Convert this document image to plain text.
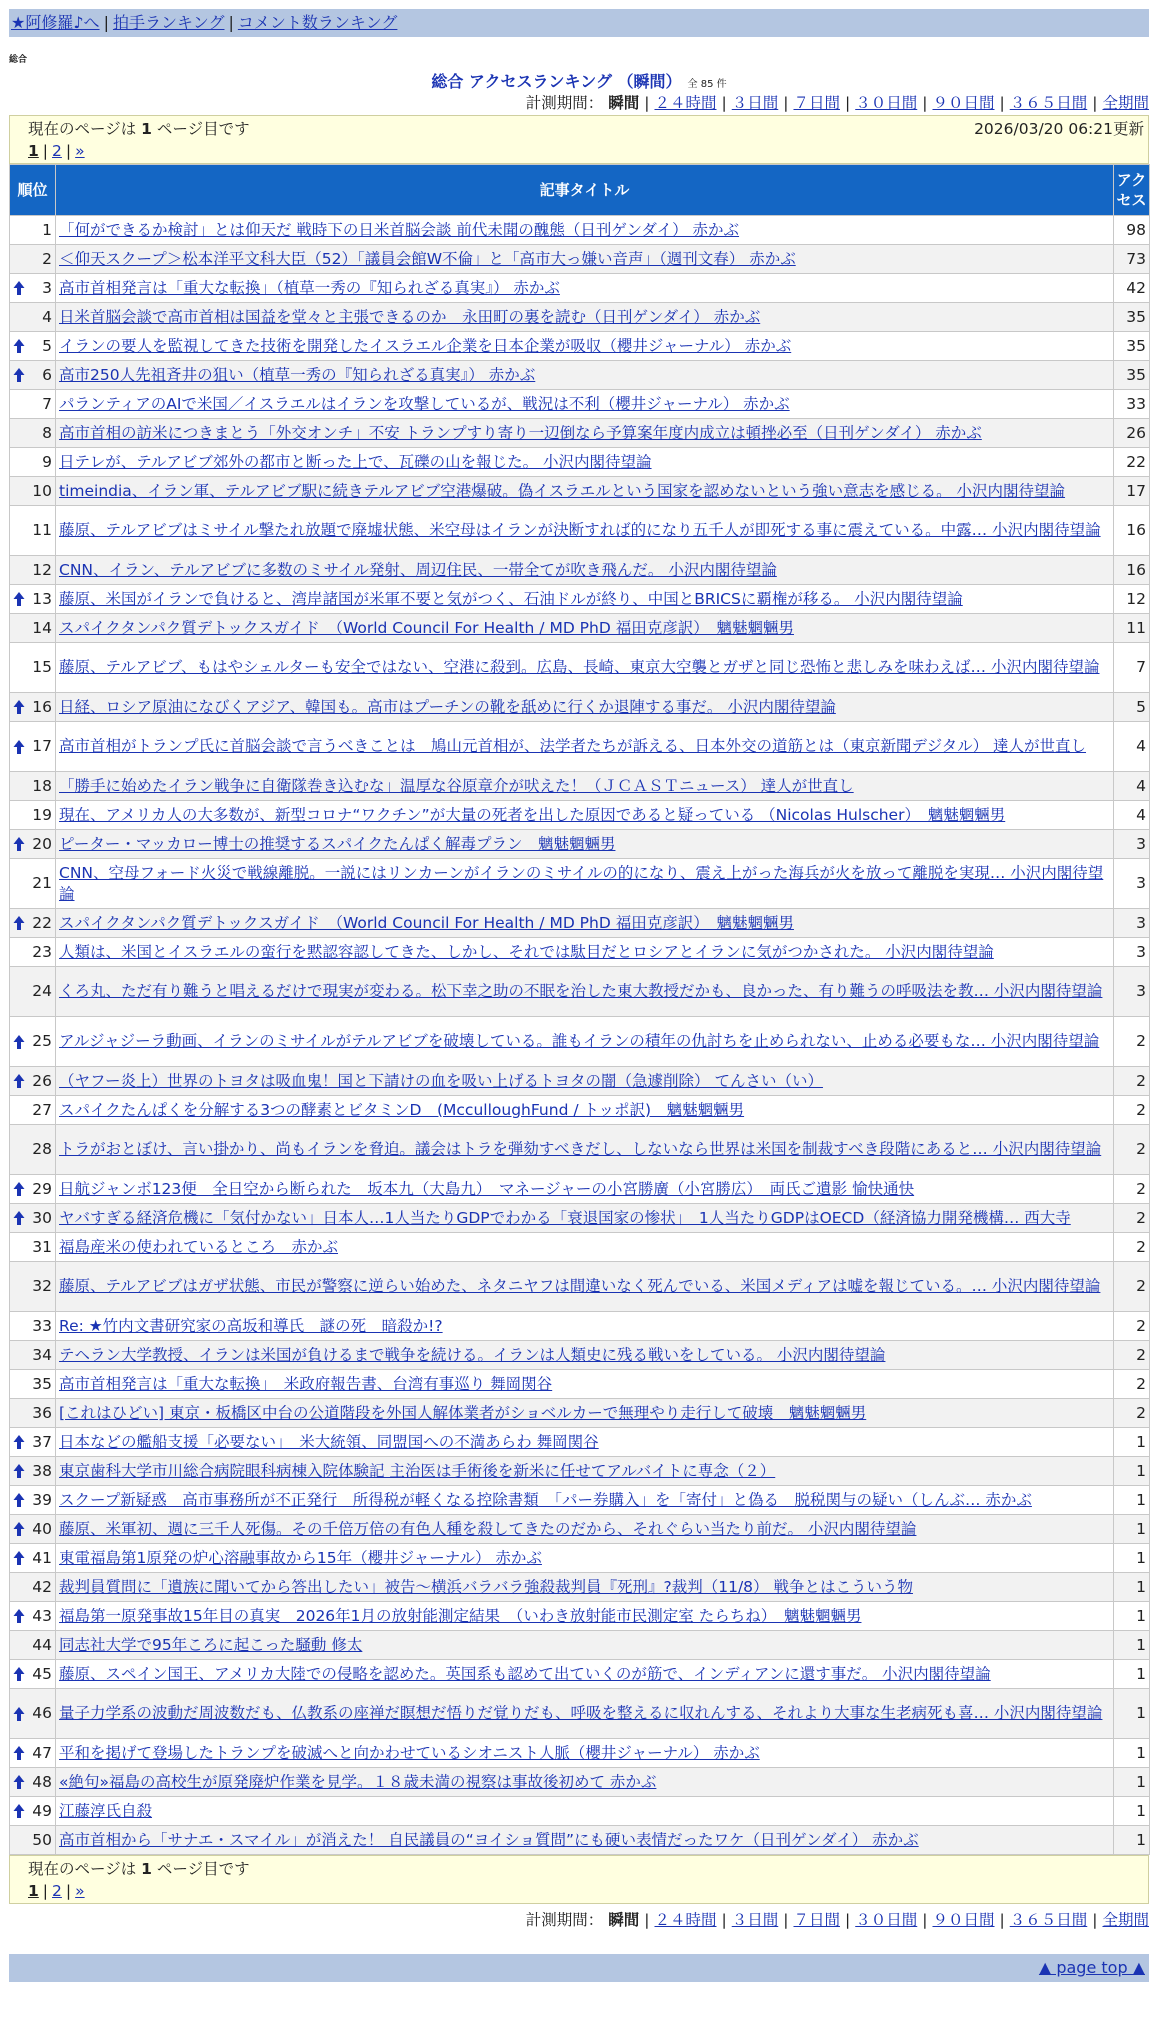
★阿修羅♪へ | 拍手ランキング | コメント数ランキング
総合
総合 アクセスランキング （瞬間） 全 85 件
計測期間： 瞬間 | ２４時間 | ３日間 | ７日間 | ３０日間 | ９０日間 | ３６５日間 | 全期間
現在のページは 1 ページ目です	2026/03/20 06:21更新
1 | 2 | »
順位	記事タイトル	アクセス
1	「何ができるか検討」とは仰天だ 戦時下の日米首脳会談 前代未聞の醜態（日刊ゲンダイ） 赤かぶ	98
2	＜仰天スクープ＞松本洋平文科大臣（52）「議員会館W不倫」と「高市大っ嫌い音声」（週刊文春） 赤かぶ	73

3	高市首相発言は「重大な転換」（植草一秀の『知られざる真実』） 赤かぶ	42
4	日米首脳会談で高市首相は国益を堂々と主張できるのか　永田町の裏を読む（日刊ゲンダイ） 赤かぶ	35

5	イランの要人を監視してきた技術を開発したイスラエル企業を日本企業が吸収（櫻井ジャーナル） 赤かぶ	35

6	高市250人先祖斉井の狙い（植草一秀の『知られざる真実』） 赤かぶ	35
7	パランティアのAIで米国／イスラエルはイランを攻撃しているが、戦況は不利（櫻井ジャーナル） 赤かぶ	33
8	高市首相の訪米につきまとう「外交オンチ」不安 トランプすり寄り一辺倒なら予算案年度内成立は頓挫必至（日刊ゲンダイ） 赤かぶ	26
9	日テレが、テルアビブ郊外の都市と断った上で、瓦礫の山を報じた。 小沢内閣待望論	22
10	timeindia、イラン軍、テルアビブ駅に続きテルアビブ空港爆破。偽イスラエルという国家を認めないという強い意志を感じる。 小沢内閣待望論	17
11	藤原、テルアビブはミサイル撃たれ放題で廃墟状態、米空母はイランが決断すれば的になり五千人が即死する事に震えている。中露… 小沢内閣待望論	16
12	CNN、イラン、テルアビブに多数のミサイル発射、周辺住民、一帯全てが吹き飛んだ。 小沢内閣待望論	16

13	藤原、米国がイランで負けると、湾岸諸国が米軍不要と気がつく、石油ドルが終り、中国とBRICSに覇権が移る。 小沢内閣待望論	12
14	スパイクタンパク質デトックスガイド　（World Council For Health / MD PhD 福田克彦訳）　魑魅魍魎男	11
15	藤原、テルアビブ、もはやシェルターも安全ではない、空港に殺到。広島、長崎、東京大空襲とガザと同じ恐怖と悲しみを味わえば… 小沢内閣待望論	7

16	日経、ロシア原油になびくアジア、韓国も。高市はプーチンの靴を舐めに行くか退陣する事だ。 小沢内閣待望論	5

17	高市首相がトランプ氏に首脳会談で言うべきことは　鳩山元首相が、法学者たちが訴える、日本外交の道筋とは（東京新聞デジタル） 達人が世直し	4
18	「勝手に始めたイラン戦争に自衛隊巻き込むな」温厚な谷原章介が吠えた！（ＪＣＡＳＴニュース） 達人が世直し	4
19	現在、アメリカ人の大多数が、新型コロナ“ワクチン”が大量の死者を出した原因であると疑っている （Nicolas Hulscher）　魑魅魍魎男	4

20	ピーター・マッカロー博士の推奨するスパイクたんぱく解毒プラン　魑魅魍魎男	3
21	CNN、空母フォード火災で戦線離脱。一説にはリンカーンがイランのミサイルの的になり、震え上がった海兵が火を放って離脱を実現… 小沢内閣待望論	3

22	スパイクタンパク質デトックスガイド　（World Council For Health / MD PhD 福田克彦訳）　魑魅魍魎男	3
23	人類は、米国とイスラエルの蛮行を黙認容認してきた、しかし、それでは駄目だとロシアとイランに気がつかされた。 小沢内閣待望論	3
24	くろ丸、ただ有り難うと唱えるだけで現実が変わる。松下幸之助の不眠を治した東大教授だかも、良かった、有り難うの呼吸法を教… 小沢内閣待望論	3

25	アルジャジーラ動画、イランのミサイルがテルアビブを破壊している。誰もイランの積年の仇討ちを止められない、止める必要もな… 小沢内閣待望論	2

26	（ヤフー炎上）世界のトヨタは吸血鬼！国と下請けの血を吸い上げるトヨタの闇（急遽削除） てんさい（い）	2
27	スパイクたんぱくを分解する3つの酵素とビタミンD　(McculloughFund / トッポ訳)　魑魅魍魎男	2
28	トラがおとぼけ、言い掛かり、尚もイランを脅迫。議会はトラを弾劾すべきだし、しないなら世界は米国を制裁すべき段階にあると… 小沢内閣待望論	2

29	日航ジャンボ123便　全日空から断られた　坂本九（大島九）　マネージャーの小宮勝廣（小宮勝広）　両氏ご遺影 愉快通快	2

30	ヤバすぎる経済危機に「気付かない」日本人…1人当たりGDPでわかる「衰退国家の惨状」　1人当たりGDPはOECD（経済協力開発機構… 西大寺	2
31	福島産米の使われているところ　赤かぶ	2
32	藤原、テルアビブはガザ状態、市民が警察に逆らい始めた、ネタニヤフは間違いなく死んでいる、米国メディアは嘘を報じている。… 小沢内閣待望論	2
33	Re: ★竹内文書研究家の高坂和導氏　謎の死　暗殺か!?	2
34	テヘラン大学教授、イランは米国が負けるまで戦争を続ける。イランは人類史に残る戦いをしている。 小沢内閣待望論	2
35	高市首相発言は「重大な転換」　米政府報告書、台湾有事巡り 舞岡関谷	2
36	[これはひどい] 東京・板橋区中台の公道階段を外国人解体業者がショベルカーで無理やり走行して破壊　魑魅魍魎男	2

37	日本などの艦船支援「必要ない」　米大統領、同盟国への不満あらわ 舞岡関谷	1

38	東京歯科大学市川総合病院眼科病棟入院体験記 主治医は手術後を新米に任せてアルバイトに専念（２）	1

39	スクープ新疑惑　高市事務所が不正発行　所得税が軽くなる控除書類　「パー券購入」を「寄付」と偽る　脱税関与の疑い（しんぶ… 赤かぶ	1

40	藤原、米軍初、週に三千人死傷。その千倍万倍の有色人種を殺してきたのだから、それぐらい当たり前だ。 小沢内閣待望論	1

41	東電福島第1原発の炉心溶融事故から15年（櫻井ジャーナル） 赤かぶ	1
42	裁判員質問に「遺族に聞いてから答出したい」被告～横浜バラバラ強殺裁判員『死刑』?裁判（11/8） 戦争とはこういう物	1

43	福島第一原発事故15年目の真実　2026年1月の放射能測定結果　（いわき放射能市民測定室 たらちね）　魑魅魍魎男	1
44	同志社大学で95年ころに起こった騒動 修太	1

45	藤原、スペイン国王、アメリカ大陸での侵略を認めた。英国系も認めて出ていくのが筋で、インディアンに還す事だ。 小沢内閣待望論	1

46	量子力学系の波動だ周波数だも、仏教系の座禅だ瞑想だ悟りだ覚りだも、呼吸を整えるに収れんする、それより大事な生老病死も喜… 小沢内閣待望論	1

47	平和を掲げて登場したトランプを破滅へと向かわせているシオニスト人脈（櫻井ジャーナル） 赤かぶ	1

48	«絶句»福島の高校生が原発廃炉作業を見学。１８歳未満の視察は事故後初めて 赤かぶ	1

49	江藤淳氏自殺	1
50	高市首相から「サナエ・スマイル」が消えた！ 自民議員の“ヨイショ質問”にも硬い表情だったワケ（日刊ゲンダイ） 赤かぶ	1
現在のページは 1 ページ目です
1 | 2 | »
計測期間： 瞬間 | ２４時間 | ３日間 | ７日間 | ３０日間 | ９０日間 | ３６５日間 | 全期間
▲ page top ▲
